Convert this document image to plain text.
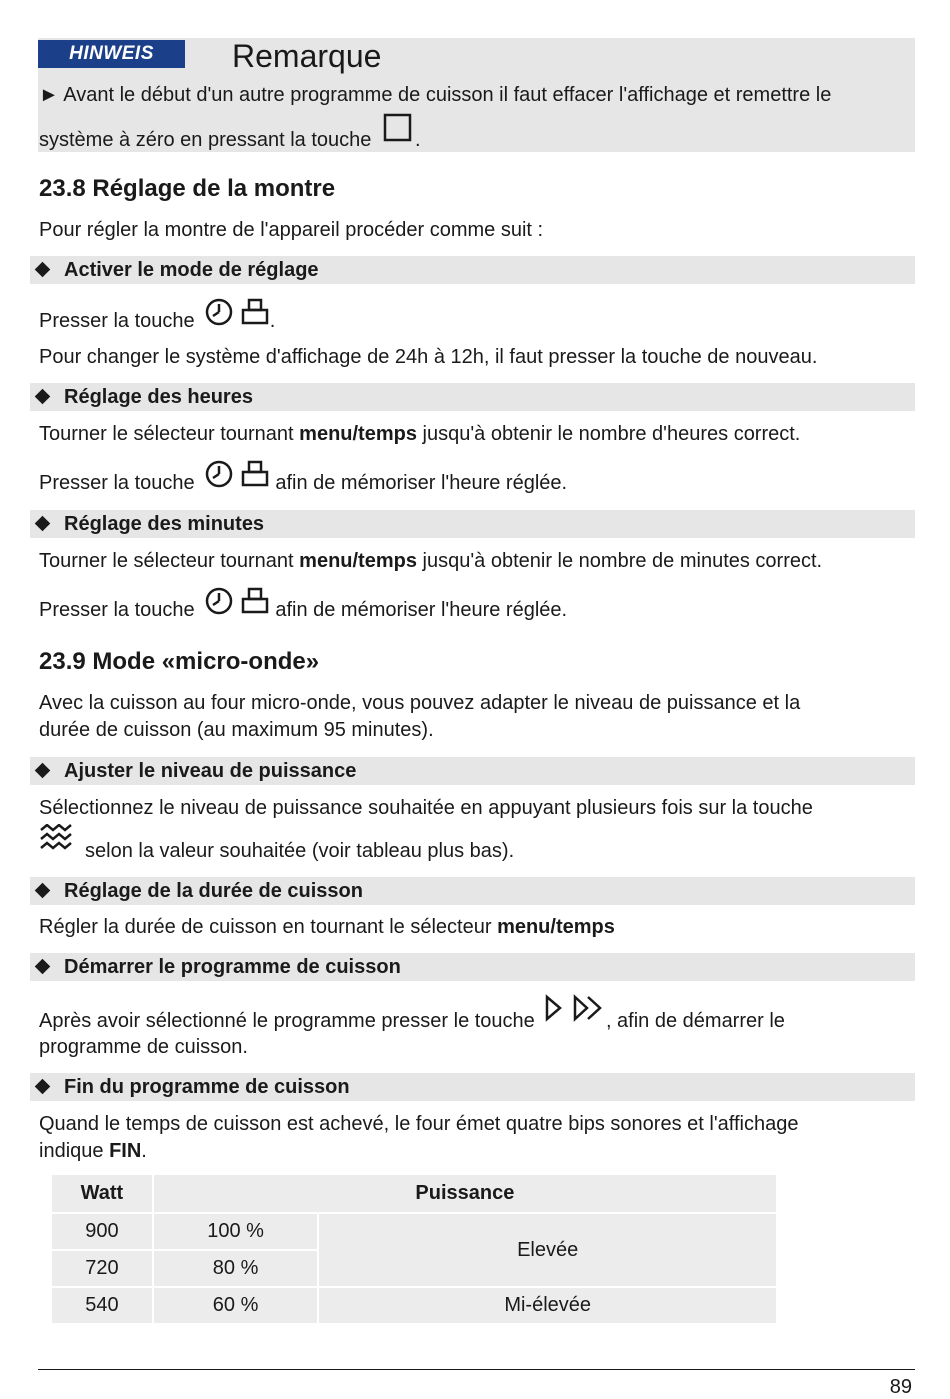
HINWEIS	Remarque
► Avant le début d'un autre programme de cuisson il faut effacer l'affichage et remettre le
système à zéro en pressant la touche .
23.8 Réglage de la montre
Pour régler la montre de l'appareil procéder comme suit :
Activer le mode de réglage
Presser la touche	.
Pour changer le système d'affichage de 24h à 12h, il faut presser la touche de nouveau.
Réglage des heures
Tourner le sélecteur tournant menu/temps jusqu'à obtenir le nombre d'heures correct.
Presser la touche	afin de mémoriser l'heure réglée.
Réglage des minutes
Tourner le sélecteur tournant menu/temps jusqu'à obtenir le nombre de minutes correct.
Presser la touche	afin de mémoriser l'heure réglée.
23.9 Mode «micro-onde»
Avec la cuisson au four micro-onde, vous pouvez adapter le niveau de puissance et la
durée de cuisson (au maximum 95 minutes).
Ajuster le niveau de puissance
Sélectionnez le niveau de puissance souhaitée en appuyant plusieurs fois sur la touche
selon la valeur souhaitée (voir tableau plus bas).
Réglage de la durée de cuisson
Régler la durée de cuisson en tournant le sélecteur menu/temps
Démarrer le programme de cuisson
Après avoir sélectionné le programme presser le touche	, afin de démarrer le
programme de cuisson.
Fin du programme de cuisson
Quand le temps de cuisson est achevé, le four émet quatre bips sonores et l'affichage
indique FIN.
Watt	Puissance	
900	100 %	Elevée
720	80 %	
540	60 %	Mi-élevée
89
